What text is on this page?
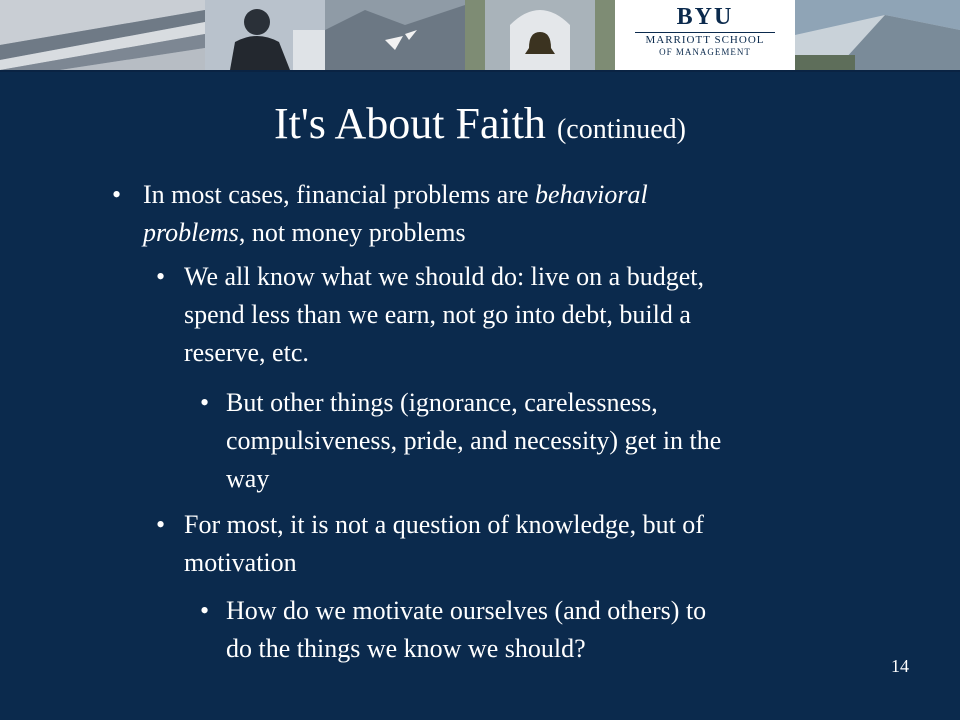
BYU
MARRIOTT SCHOOL
OF MANAGEMENT
It's About Faith (continued)
• In most cases, financial problems are behavioral
problems, not money problems
• We all know what we should do: live on a budget,
spend less than we earn, not go into debt, build a
reserve, etc.
• But other things (ignorance, carelessness,
compulsiveness, pride, and necessity) get in the
way
• For most, it is not a question of knowledge, but of
motivation
• How do we motivate ourselves (and others) to
do the things we know we should?
14
